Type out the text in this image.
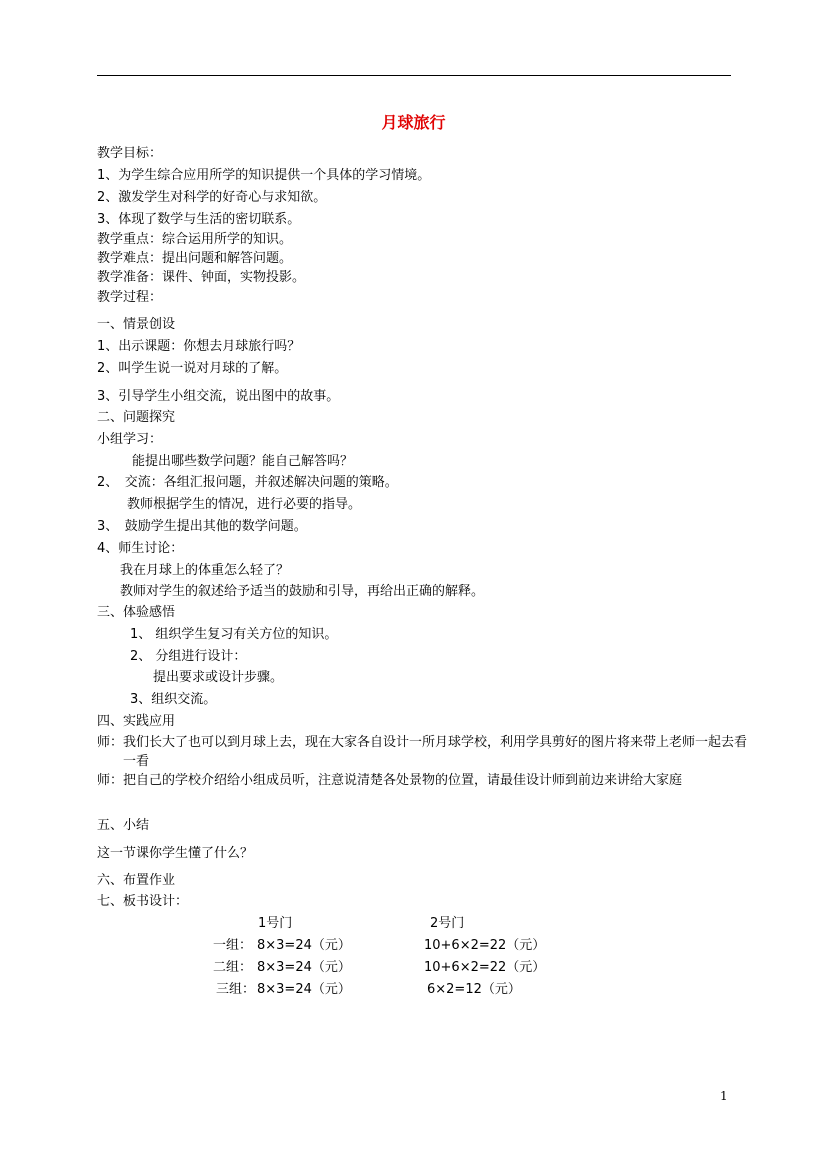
月球旅行
教学目标：
1、为学生综合应用所学的知识提供一个具体的学习情境。
2、激发学生对科学的好奇心与求知欲。
3、体现了数学与生活的密切联系。
教学重点：综合运用所学的知识。
教学难点：提出问题和解答问题。
教学准备：课件、钟面，实物投影。
教学过程：
一、情景创设
1、出示课题：你想去月球旅行吗？
2、叫学生说一说对月球的了解。
3、引导学生小组交流，说出图中的故事。
二、问题探究
小组学习：
能提出哪些数学问题？能自己解答吗？
2、　交流：各组汇报问题，并叙述解决问题的策略。
教师根据学生的情况，进行必要的指导。
3、　鼓励学生提出其他的数学问题。
4、师生讨论：
我在月球上的体重怎么轻了？
教师对学生的叙述给予适当的鼓励和引导，再给出正确的解释。
三、体验感悟
1、 组织学生复习有关方位的知识。
2、 分组进行设计：
提出要求或设计步骤。
3、组织交流。
四、实践应用
师：我们长大了也可以到月球上去，现在大家各自设计一所月球学校，利用学具剪好的图片将来带上老师一起去看一看
师：把自己的学校介绍给小组成员听，注意说清楚各处景物的位置，请最佳设计师到前边来讲给大家庭
五、小结
这一节课你学生懂了什么？
六、布置作业
七、板书设计：
1号门	2号门
一组： 8×3=24（元）	10+6×2=22（元）
二组： 8×3=24（元）	10+6×2=22（元）
三组： 8×3=24（元）	6×2=12（元）
1
